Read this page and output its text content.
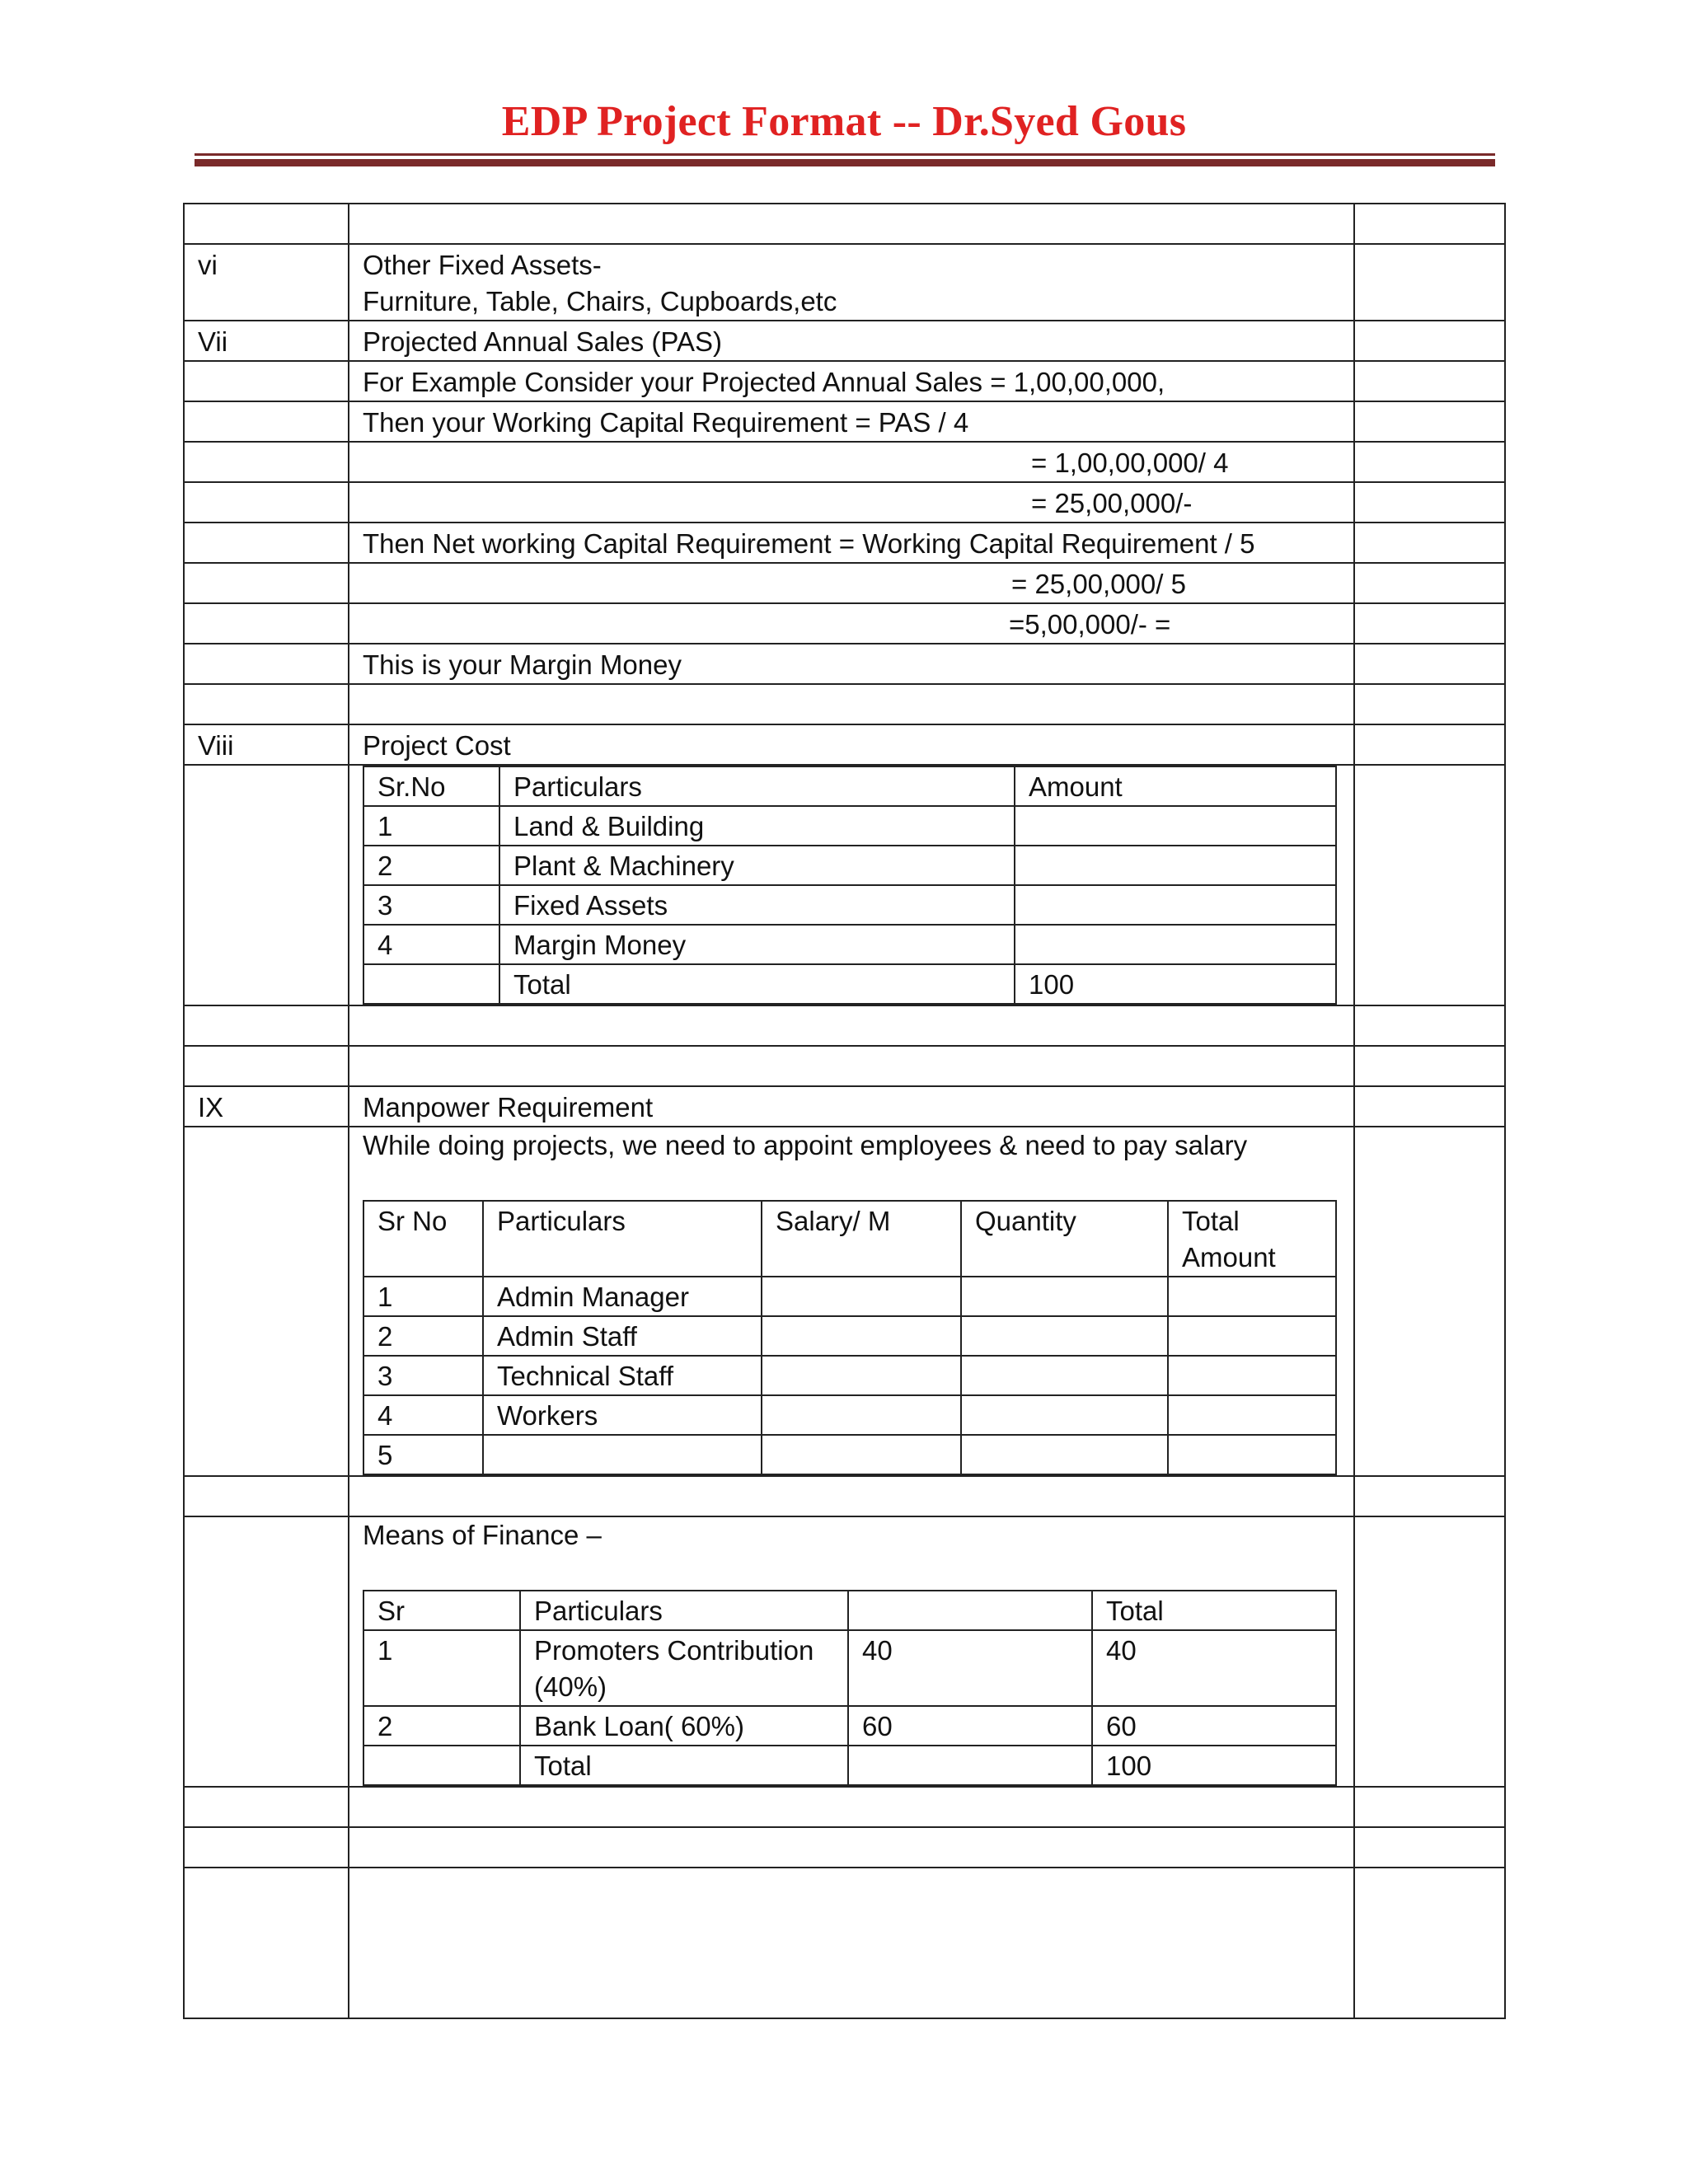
EDP Project Format -- Dr.Syed Gous

vi	Other Fixed Assets-
Furniture, Table, Chairs, Cupboards,etc

Vii	Projected Annual Sales (PAS)	
	For Example Consider your Projected Annual Sales = 1,00,00,000,	
	Then your Working Capital Requirement = PAS / 4	
	= 1,00,00,000/ 4	
	= 25,00,000/-	
	Then Net working Capital Requirement = Working Capital Requirement / 5	
	= 25,00,000/ 5	
	=5,00,000/- =	
	This is your Margin Money	

Viii	Project Cost	

Sr.No	Particulars	Amount
1	Land & Building	
2	Plant & Machinery	
3	Fixed Assets	
4	Margin Money	
	Total	100

IX	Manpower Requirement	

While doing projects, we need to appoint employees & need to pay salary
Sr No	Particulars	Salary/ M	Quantity	Total Amount
1	Admin Manager			
2	Admin Staff			
3	Technical Staff			
4	Workers			
5				

Means of Finance –
Sr	Particulars		Total
1	Promoters Contribution (40%)	40	40
2	Bank Loan( 60%)	60	60
	Total		100
